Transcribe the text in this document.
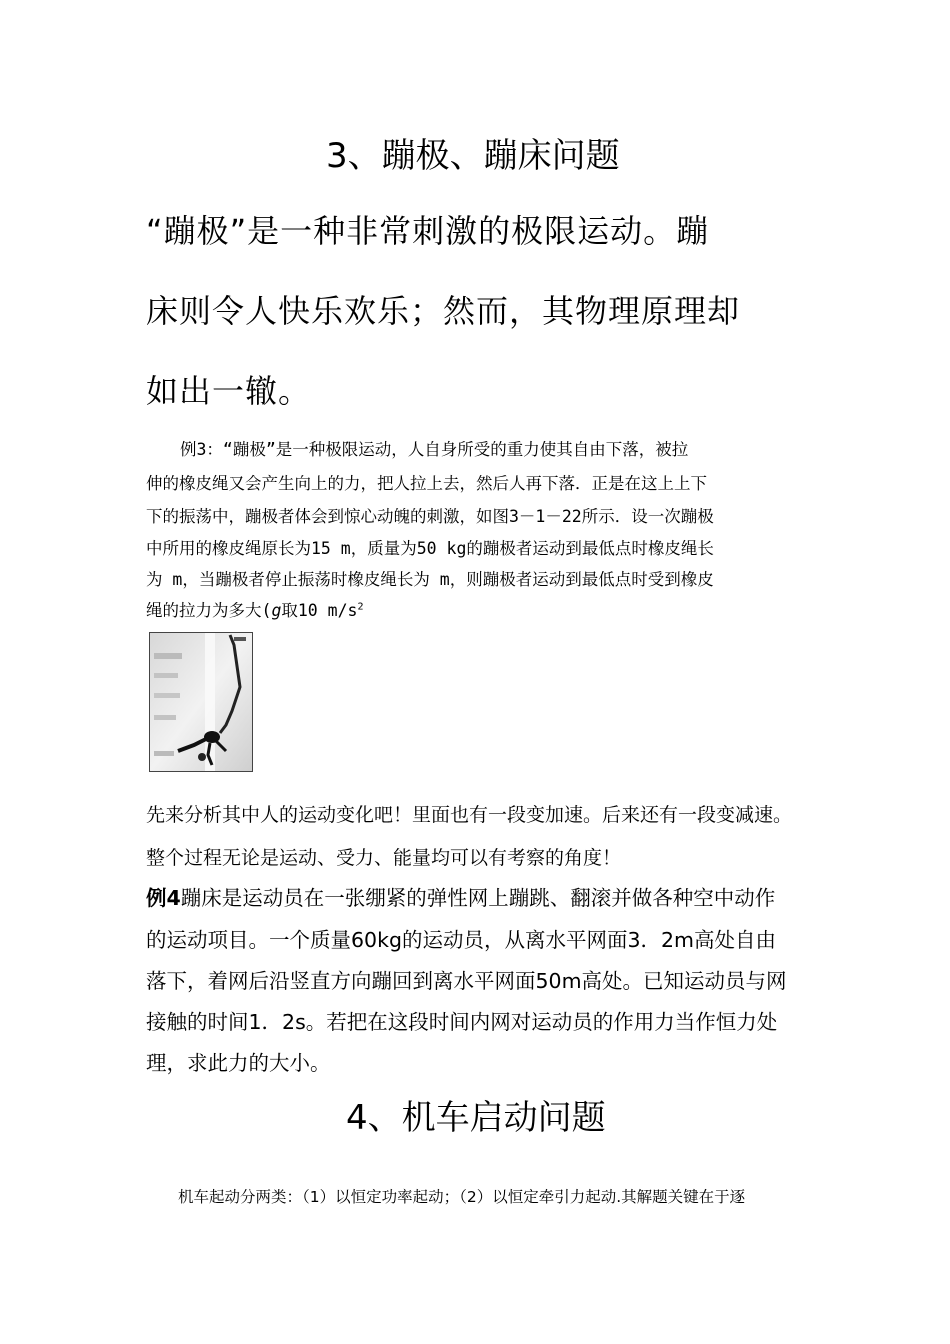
3、蹦极、蹦床问题
“蹦极”是一种非常刺激的极限运动。蹦
床则令人快乐欢乐；然而，其物理原理却
如出一辙。
例3：“蹦极”是一种极限运动，人自身所受的重力使其自由下落，被拉
伸的橡皮绳又会产生向上的力，把人拉上去，然后人再下落．正是在这上上下
下的振荡中，蹦极者体会到惊心动魄的刺激，如图3－1－22所示．设一次蹦极
中所用的橡皮绳原长为15 m，质量为50 kg的蹦极者运动到最低点时橡皮绳长
为 m，当蹦极者停止振荡时橡皮绳长为 m，则蹦极者运动到最低点时受到橡皮
绳的拉力为多大(g取10 $m/s^2$
先来分析其中人的运动变化吧！里面也有一段变加速。后来还有一段变减速。
整个过程无论是运动、受力、能量均可以有考察的角度！
例4蹦床是运动员在一张绷紧的弹性网上蹦跳、翻滚并做各种空中动作
的运动项目。一个质量60kg的运动员，从离水平网面3．2m高处自由
落下，着网后沿竖直方向蹦回到离水平网面50m高处。已知运动员与网
接触的时间1．2s。若把在这段时间内网对运动员的作用力当作恒力处
理，求此力的大小。
4、机车启动问题
机车起动分两类：（1）以恒定功率起动；（2）以恒定牵引力起动.其解题关键在于逐
